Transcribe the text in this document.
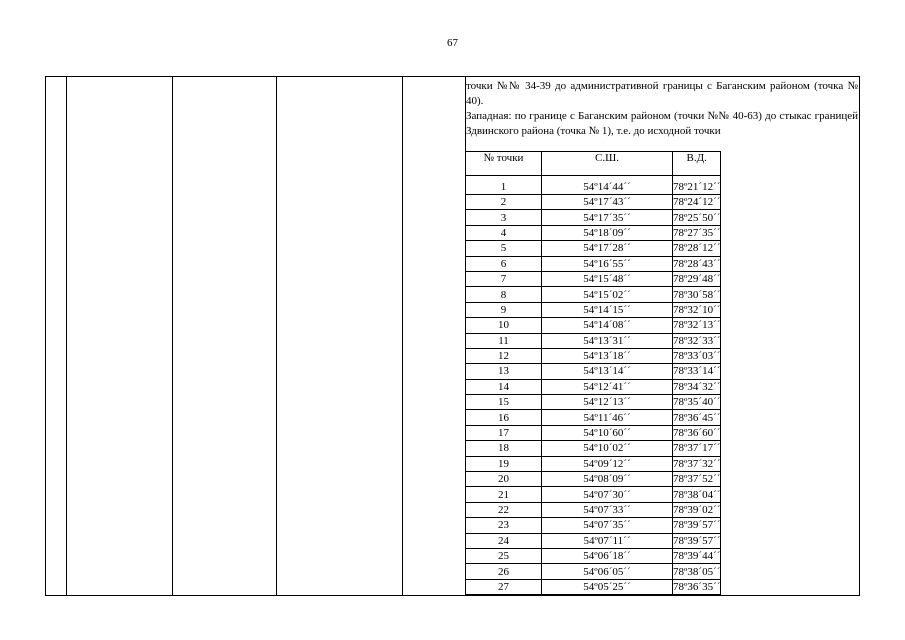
67

точки №№ 34-39 до административной границы с Баганским районом (точка № 40).

Западная: по границе с Баганским районом (точки №№ 40-63) до стыкас границей Здвинского района (точка № 1), т.е. до исходной точки

№ точки	С.Ш.	В.Д.
1	54º14´44´´	78º21´12´´
2	54º17´43´´	78º24´12´´
3	54º17´35´´	78º25´50´´
4	54º18´09´´	78º27´35´´
5	54º17´28´´	78º28´12´´
6	54º16´55´´	78º28´43´´
7	54º15´48´´	78º29´48´´
8	54º15´02´´	78º30´58´´
9	54º14´15´´	78º32´10´´
10	54º14´08´´	78º32´13´´
11	54º13´31´´	78º32´33´´
12	54º13´18´´	78º33´03´´
13	54º13´14´´	78º33´14´´
14	54º12´41´´	78º34´32´´
15	54º12´13´´	78º35´40´´
16	54º11´46´´	78º36´45´´
17	54º10´60´´	78º36´60´´
18	54º10´02´´	78º37´17´´
19	54º09´12´´	78º37´32´´
20	54º08´09´´	78º37´52´´
21	54º07´30´´	78º38´04´´
22	54º07´33´´	78º39´02´´
23	54º07´35´´	78º39´57´´
24	54º07´11´´	78º39´57´´
25	54º06´18´´	78º39´44´´
26	54º06´05´´	78º38´05´´
27	54º05´25´´	78º36´35´´
